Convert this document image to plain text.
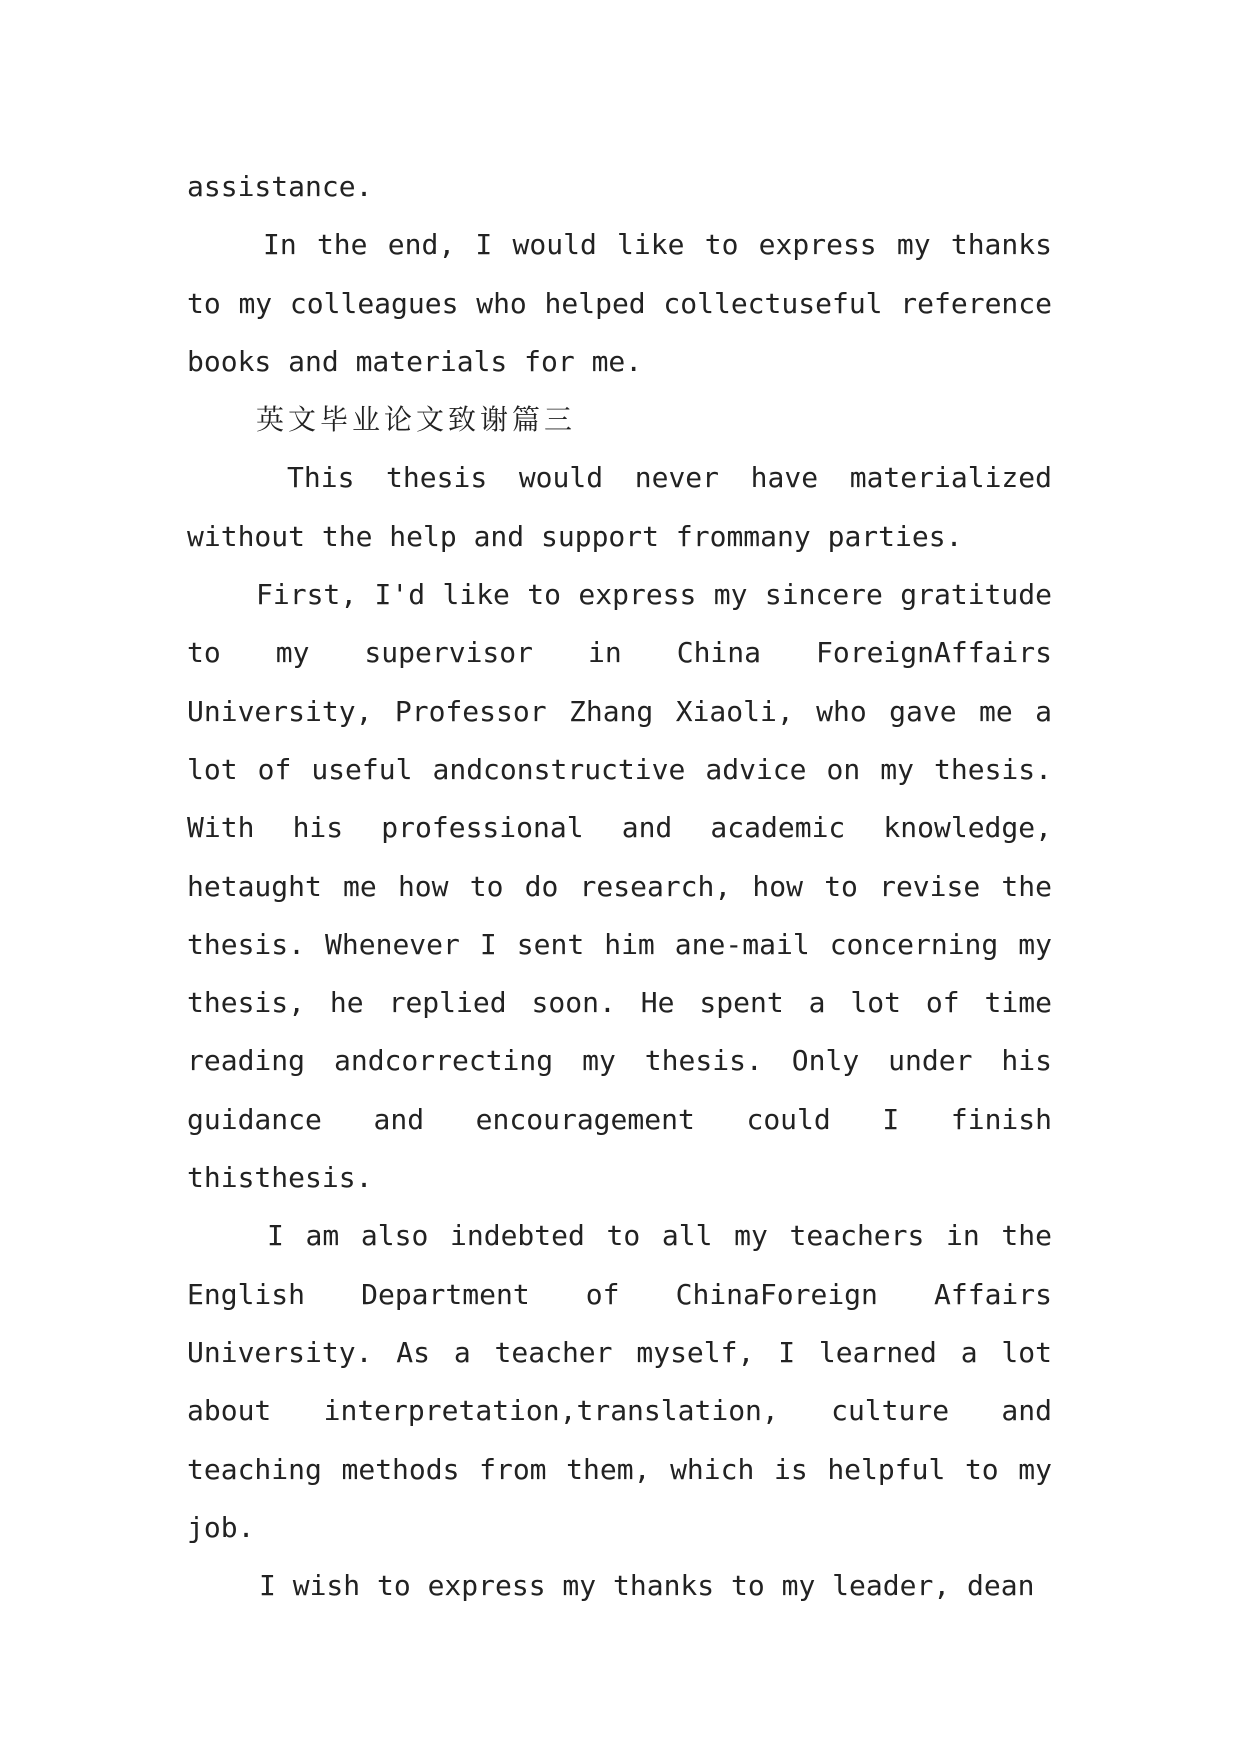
assistance.

In the end, I would like to express my thanks to my colleagues who helped collectuseful reference books and materials for me.

英文毕业论文致谢篇三

This thesis would never have materialized without the help and support frommany parties.

First, I'd like to express my sincere gratitude to my supervisor in China ForeignAffairs University, Professor Zhang Xiaoli, who gave me a lot of useful andconstructive advice on my thesis. With his professional and academic knowledge, hetaught me how to do research, how to revise the thesis. Whenever I sent him ane-mail concerning my thesis, he replied soon. He spent a lot of time reading andcorrecting my thesis. Only under his guidance and encouragement could I finish thisthesis.

I am also indebted to all my teachers in the English Department of ChinaForeign Affairs University. As a teacher myself, I learned a lot about interpretation,translation, culture and teaching methods from them, which is helpful to my job.

I wish to express my thanks to my leader, dean
